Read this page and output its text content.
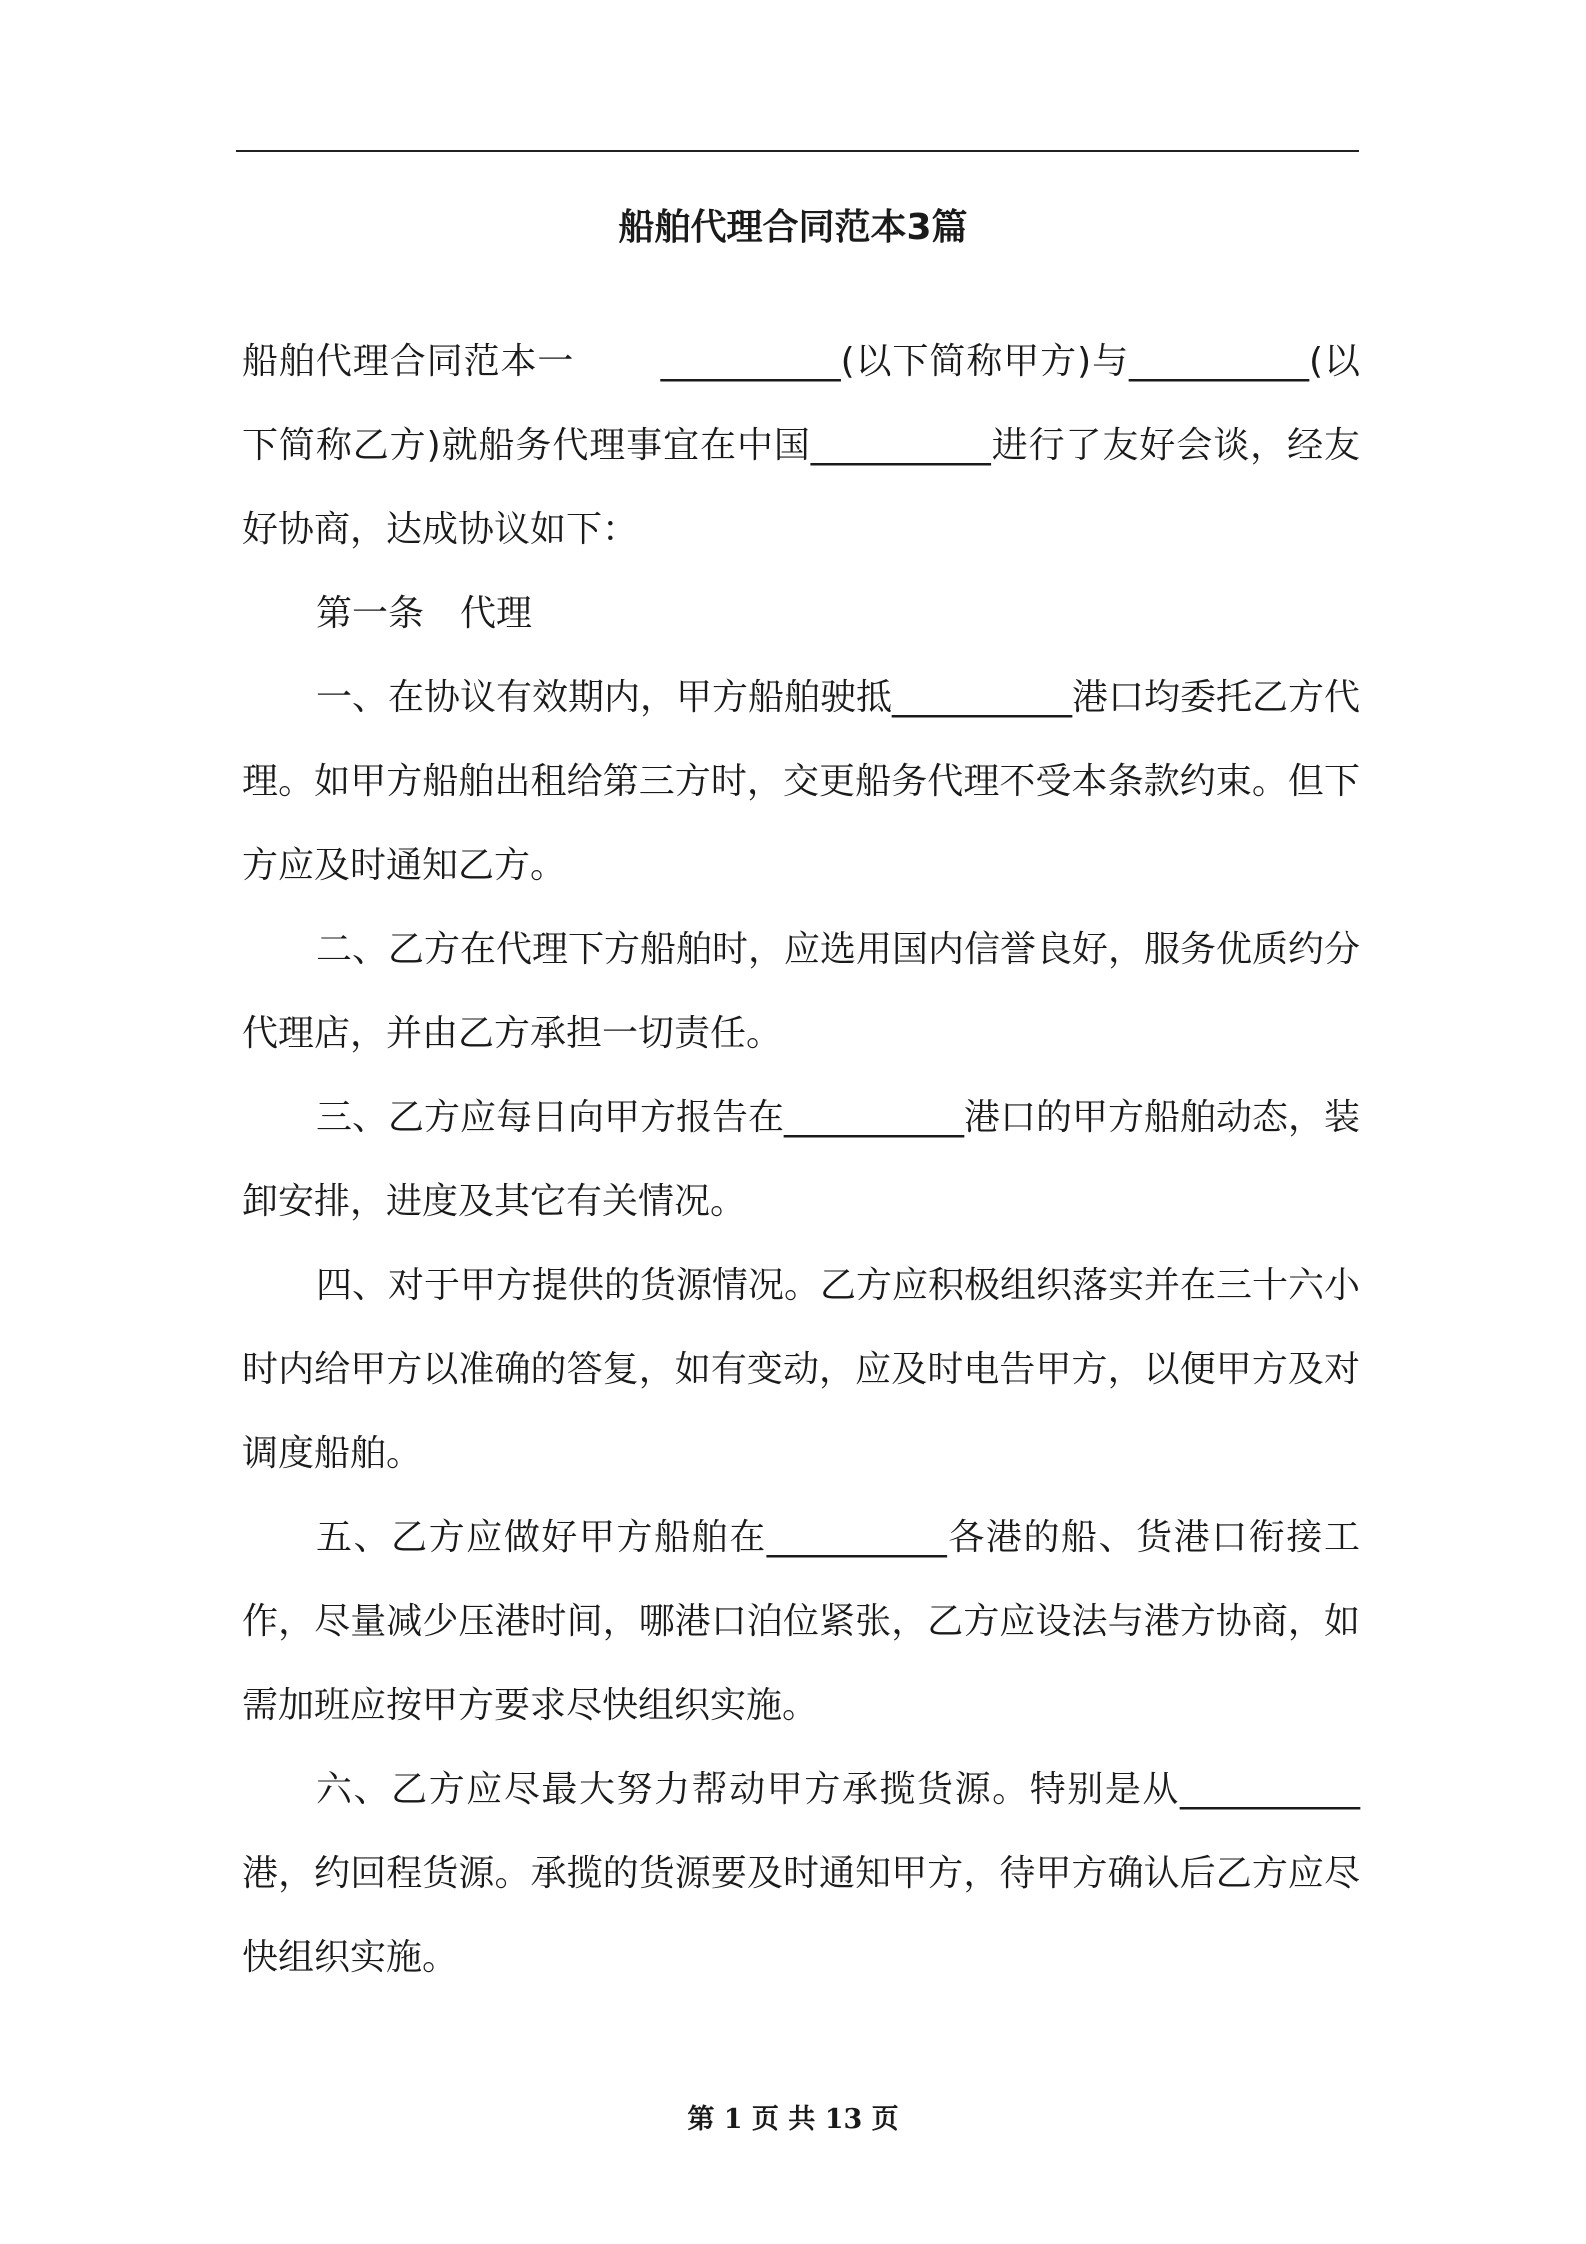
船舶代理合同范本3篇

船舶代理合同范本一　　 __________(以下简称甲方)与__________(以下简称乙方)就船务代理事宜在中国__________进行了友好会谈，经友好协商，达成协议如下：

第一条　代理

一、在协议有效期内，甲方船舶驶抵__________港口均委托乙方代理。如甲方船舶出租给第三方时，交更船务代理不受本条款约束。但下方应及时通知乙方。

二、乙方在代理下方船舶时，应选用国内信誉良好，服务优质约分代理店，并由乙方承担一切责任。

三、乙方应每日向甲方报告在__________港口的甲方船舶动态，装卸安排，进度及其它有关情况。

四、对于甲方提供的货源情况。乙方应积极组织落实并在三十六小时内给甲方以准确的答复，如有变动，应及时电告甲方，以便甲方及对调度船舶。

五、乙方应做好甲方船舶在__________各港的船、货港口衔接工作，尽量减少压港时间，哪港口泊位紧张，乙方应设法与港方协商，如需加班应按甲方要求尽快组织实施。

六、乙方应尽最大努力帮动甲方承揽货源。特别是从__________港，约回程货源。承揽的货源要及时通知甲方，待甲方确认后乙方应尽快组织实施。

第 1 页 共 13 页
